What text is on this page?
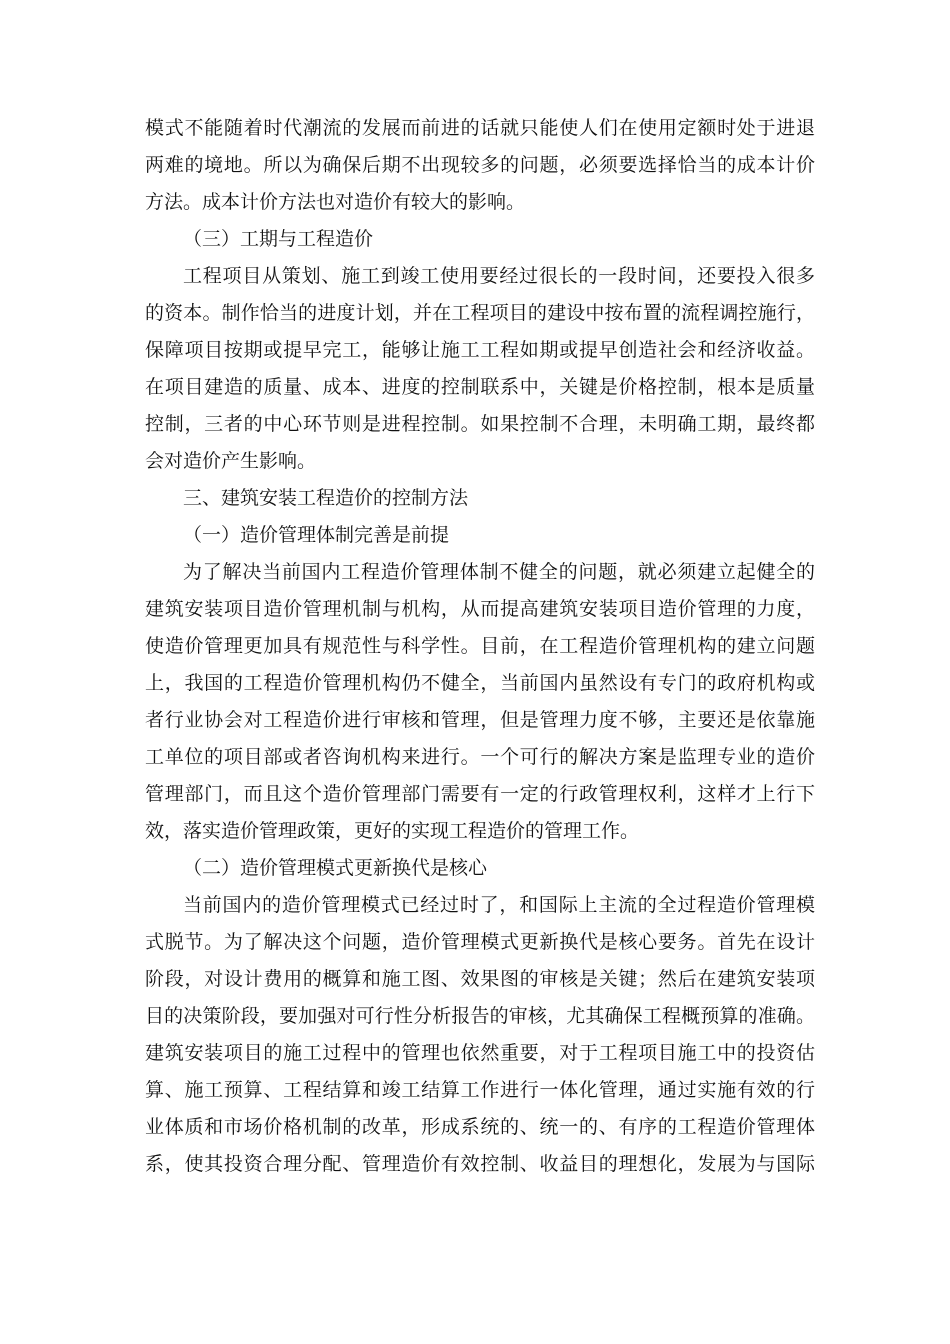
模式不能随着时代潮流的发展而前进的话就只能使人们在使用定额时处于进退
两难的境地。所以为确保后期不出现较多的问题，必须要选择恰当的成本计价
方法。成本计价方法也对造价有较大的影响。
（三）工期与工程造价
工程项目从策划、施工到竣工使用要经过很长的一段时间，还要投入很多
的资本。制作恰当的进度计划，并在工程项目的建设中按布置的流程调控施行，
保障项目按期或提早完工，能够让施工工程如期或提早创造社会和经济收益。
在项目建造的质量、成本、进度的控制联系中，关键是价格控制，根本是质量
控制，三者的中心环节则是进程控制。如果控制不合理，未明确工期，最终都
会对造价产生影响。
三、建筑安装工程造价的控制方法
（一）造价管理体制完善是前提
为了解决当前国内工程造价管理体制不健全的问题，就必须建立起健全的
建筑安装项目造价管理机制与机构，从而提高建筑安装项目造价管理的力度，
使造价管理更加具有规范性与科学性。目前，在工程造价管理机构的建立问题
上，我国的工程造价管理机构仍不健全，当前国内虽然设有专门的政府机构或
者行业协会对工程造价进行审核和管理，但是管理力度不够，主要还是依靠施
工单位的项目部或者咨询机构来进行。一个可行的解决方案是监理专业的造价
管理部门，而且这个造价管理部门需要有一定的行政管理权利，这样才上行下
效，落实造价管理政策，更好的实现工程造价的管理工作。
（二）造价管理模式更新换代是核心
当前国内的造价管理模式已经过时了，和国际上主流的全过程造价管理模
式脱节。为了解决这个问题，造价管理模式更新换代是核心要务。首先在设计
阶段，对设计费用的概算和施工图、效果图的审核是关键；然后在建筑安装项
目的决策阶段，要加强对可行性分析报告的审核，尤其确保工程概预算的准确。
建筑安装项目的施工过程中的管理也依然重要，对于工程项目施工中的投资估
算、施工预算、工程结算和竣工结算工作进行一体化管理，通过实施有效的行
业体质和市场价格机制的改革，形成系统的、统一的、有序的工程造价管理体
系，使其投资合理分配、管理造价有效控制、收益目的理想化，发展为与国际
